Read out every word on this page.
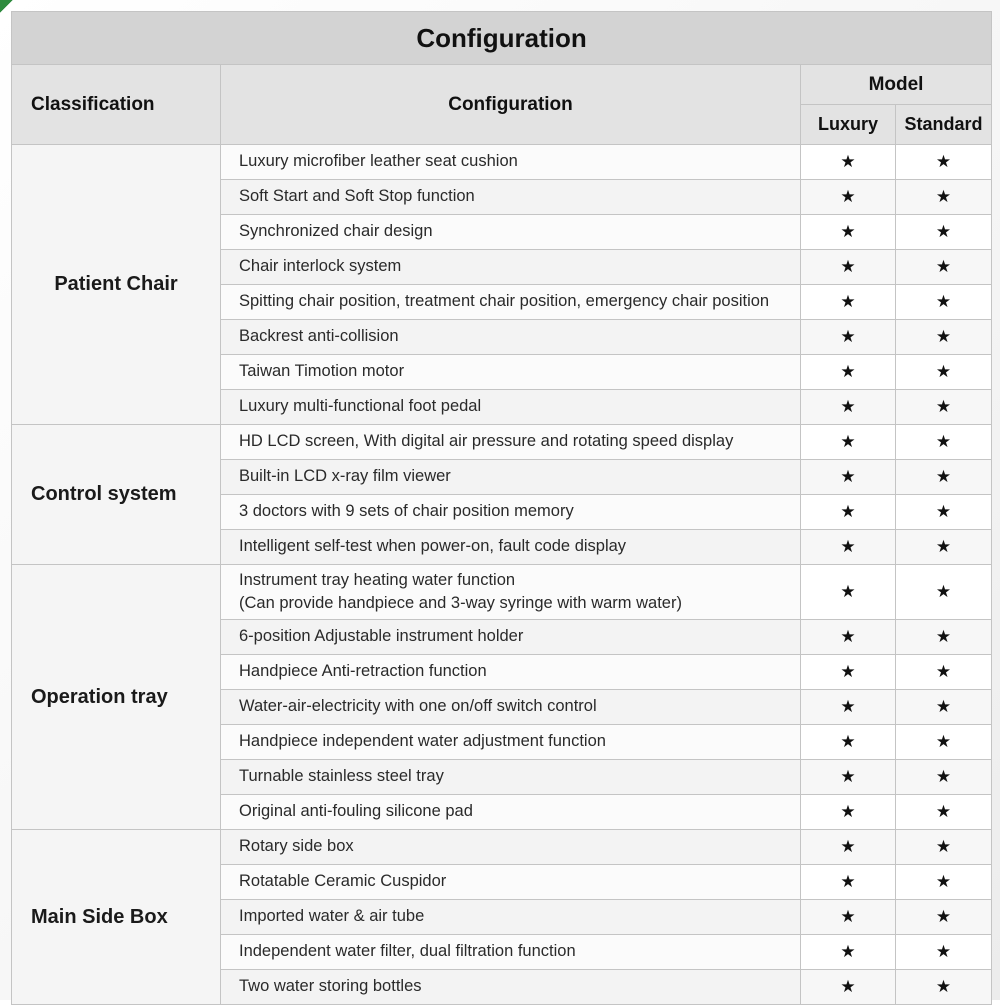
Configuration			
Classification	Configuration	Model	
		Luxury	Standard
Patient Chair	Luxury microfiber leather seat cushion	★	★
	Soft Start and Soft Stop function	★	★
	Synchronized chair design	★	★
	Chair interlock system	★	★
	Spitting chair position, treatment chair position, emergency chair position	★	★
	Backrest anti-collision	★	★
	Taiwan Timotion motor	★	★
	Luxury multi-functional foot pedal	★	★
Control system	HD LCD screen, With digital air pressure and rotating speed display	★	★
	Built-in LCD x-ray film viewer	★	★
	3 doctors with 9 sets of chair position memory	★	★
	Intelligent self-test when power-on, fault code display	★	★
Operation tray	Instrument tray heating water function
(Can provide handpiece and 3-way syringe with warm water)	★	★
	6-position Adjustable instrument holder	★	★
	Handpiece Anti-retraction function	★	★
	Water-air-electricity with one on/off switch control	★	★
	Handpiece independent water adjustment function	★	★
	Turnable stainless steel tray	★	★
	Original anti-fouling silicone pad	★	★
Main Side Box	Rotary side box	★	★
	Rotatable Ceramic Cuspidor	★	★
	Imported water & air tube	★	★
	Independent water filter, dual filtration function	★	★
	Two water storing bottles	★	★
